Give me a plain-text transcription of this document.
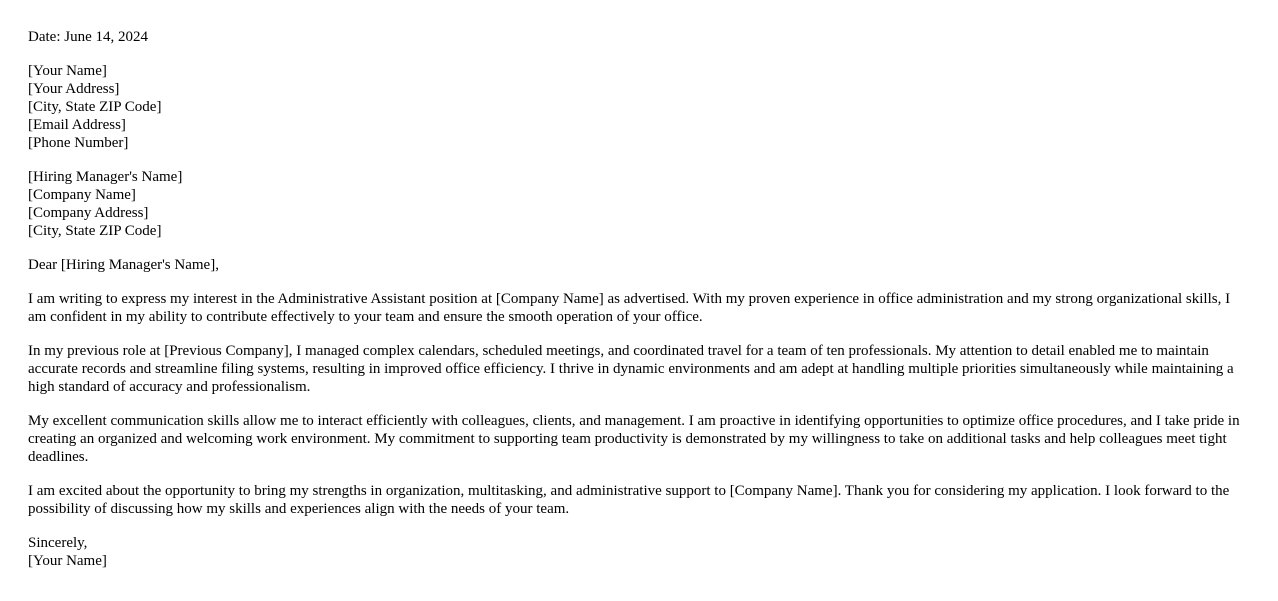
Date: June 14, 2024
[Your Name]
[Your Address]
[City, State ZIP Code]
[Email Address]
[Phone Number]
[Hiring Manager's Name]
[Company Name]
[Company Address]
[City, State ZIP Code]
Dear [Hiring Manager's Name],

I am writing to express my interest in the Administrative Assistant position at [Company Name] as advertised. With my proven experience in office administration and my strong organizational skills, I am confident in my ability to contribute effectively to your team and ensure the smooth operation of your office.

In my previous role at [Previous Company], I managed complex calendars, scheduled meetings, and coordinated travel for a team of ten professionals. My attention to detail enabled me to maintain accurate records and streamline filing systems, resulting in improved office efficiency. I thrive in dynamic environments and am adept at handling multiple priorities simultaneously while maintaining a high standard of accuracy and professionalism.

My excellent communication skills allow me to interact efficiently with colleagues, clients, and management. I am proactive in identifying opportunities to optimize office procedures, and I take pride in creating an organized and welcoming work environment. My commitment to supporting team productivity is demonstrated by my willingness to take on additional tasks and help colleagues meet tight deadlines.

I am excited about the opportunity to bring my strengths in organization, multitasking, and administrative support to [Company Name]. Thank you for considering my application. I look forward to the possibility of discussing how my skills and experiences align with the needs of your team.

Sincerely,
[Your Name]
